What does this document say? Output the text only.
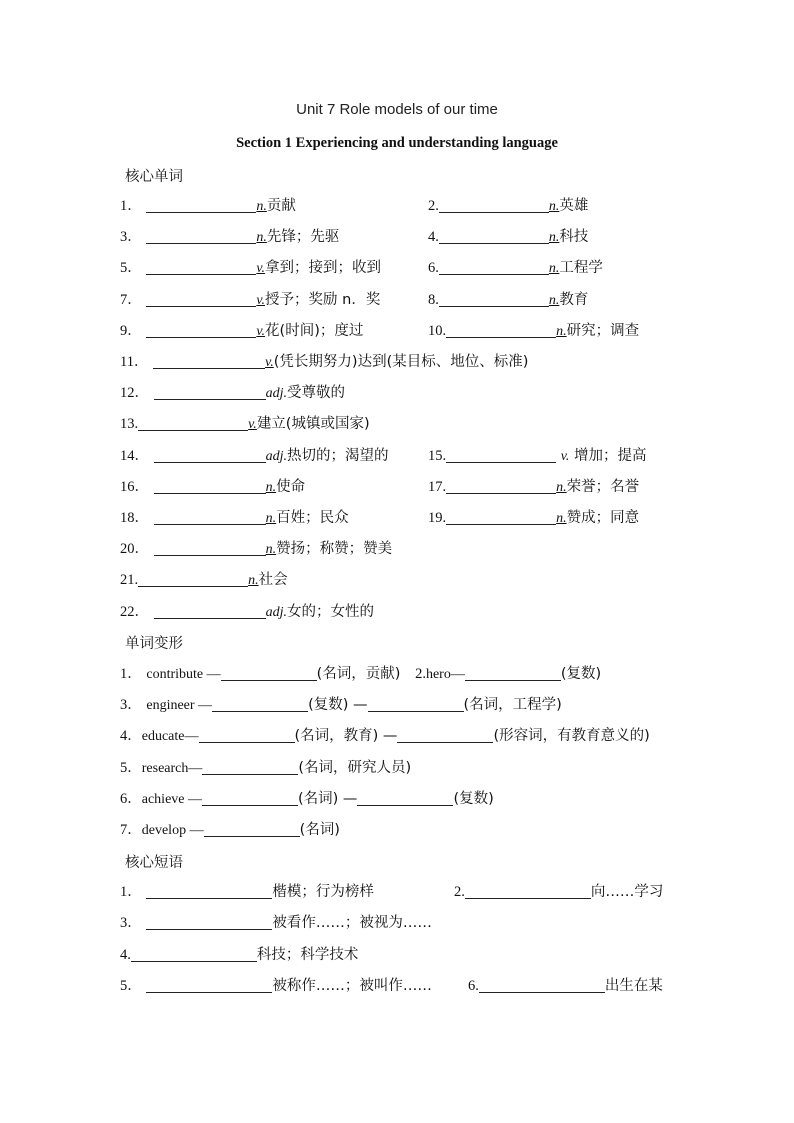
Unit 7 Role models of our time
Section 1 Experiencing and understanding language
核心单词
1．	n.贡献	2.	n.英雄
3．	n.先锋；先驱	4.	n.科技
5．	v.拿到；接到；收到	6.	n.工程学
7．	v.授予；奖励 n．奖	8.	n.教育
9．	v.花(时间)；度过	10.	n.研究；调查
11．	v.(凭长期努力)达到(某目标、地位、标准)
12．	adj.受尊敬的
13.	v.建立(城镇或国家)
14．	adj.热切的；渴望的	15.	v. 增加；提高
16．	n.使命	17.	n.荣誉；名誉
18．	n.百姓；民众	19.	n.赞成；同意
20．	n.赞扬；称赞；赞美
21.	n.社会
22．	adj.女的；女性的
单词变形
1． contribute —	(名词，贡献) 2.hero—	(复数)
3． engineer —	(复数) —	(名词，工程学)
4．educate—	(名词，教育) —	(形容词，有教育意义的)
5．research—	(名词，研究人员)
6．achieve —	(名词) —	(复数)
7．develop —	(名词)
核心短语
1．	楷模；行为榜样	2.	向……学习
3．	被看作……；被视为……
4.	科技；科学技术
5．	被称作……；被叫作…… 6.	出生在某
